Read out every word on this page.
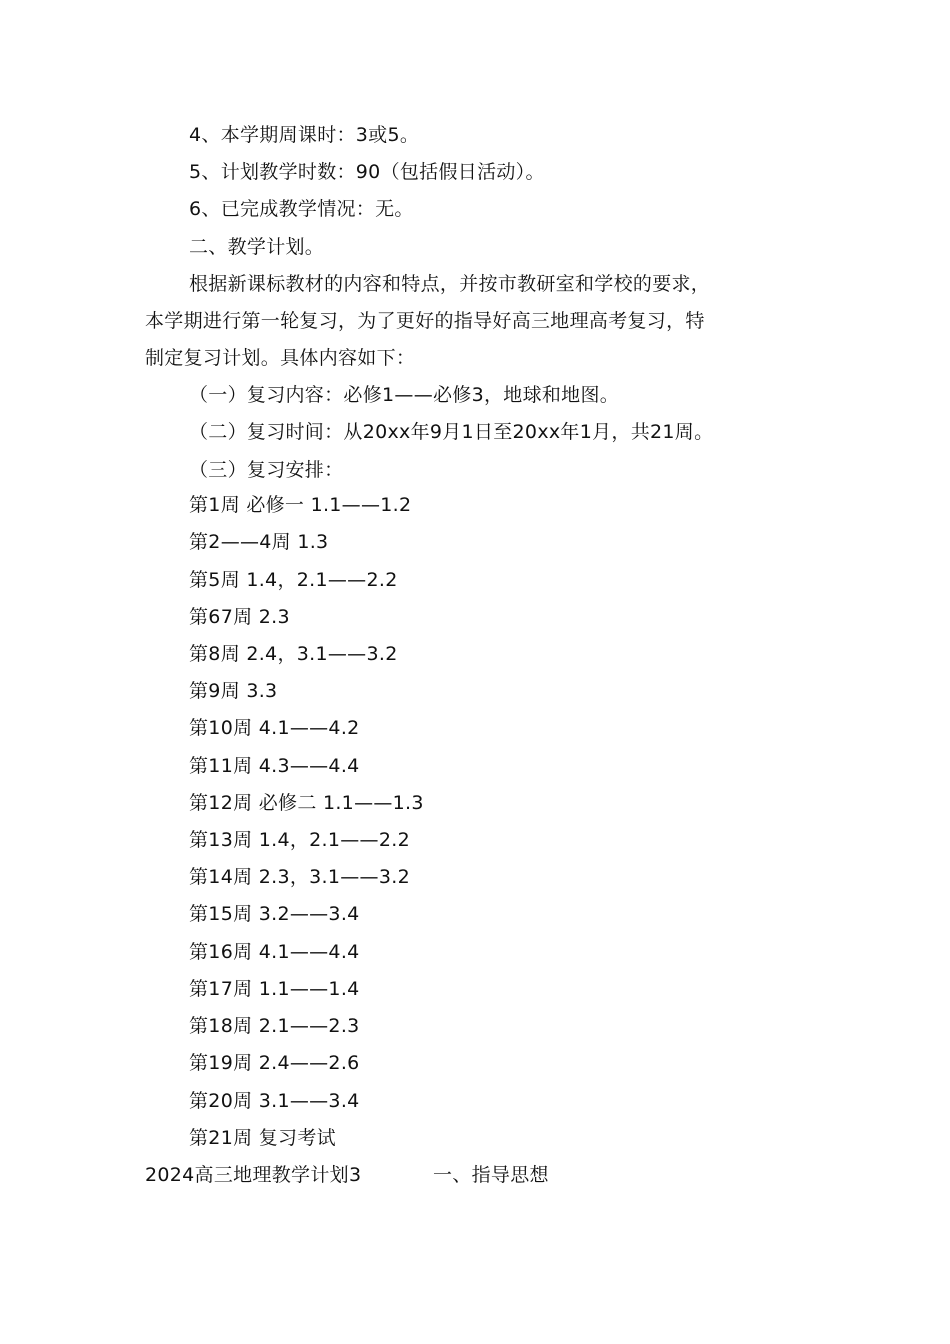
4、本学期周课时：3或5。
5、计划教学时数：90（包括假日活动）。
6、已完成教学情况：无。
二、教学计划。
根据新课标教材的内容和特点，并按市教研室和学校的要求，
本学期进行第一轮复习，为了更好的指导好高三地理高考复习，特
制定复习计划。具体内容如下：
（一）复习内容：必修1——必修3，地球和地图。
（二）复习时间：从20xx年9月1日至20xx年1月，共21周。
（三）复习安排：
第1周 必修一 1.1——1.2
第2——4周 1.3
第5周 1.4，2.1——2.2
第67周 2.3
第8周 2.4，3.1——3.2
第9周 3.3
第10周 4.1——4.2
第11周 4.3——4.4
第12周 必修二 1.1——1.3
第13周 1.4，2.1——2.2
第14周 2.3，3.1——3.2
第15周 3.2——3.4
第16周 4.1——4.4
第17周 1.1——1.4
第18周 2.1——2.3
第19周 2.4——2.6
第20周 3.1——3.4
第21周 复习考试
2024高三地理教学计划3	一、指导思想
